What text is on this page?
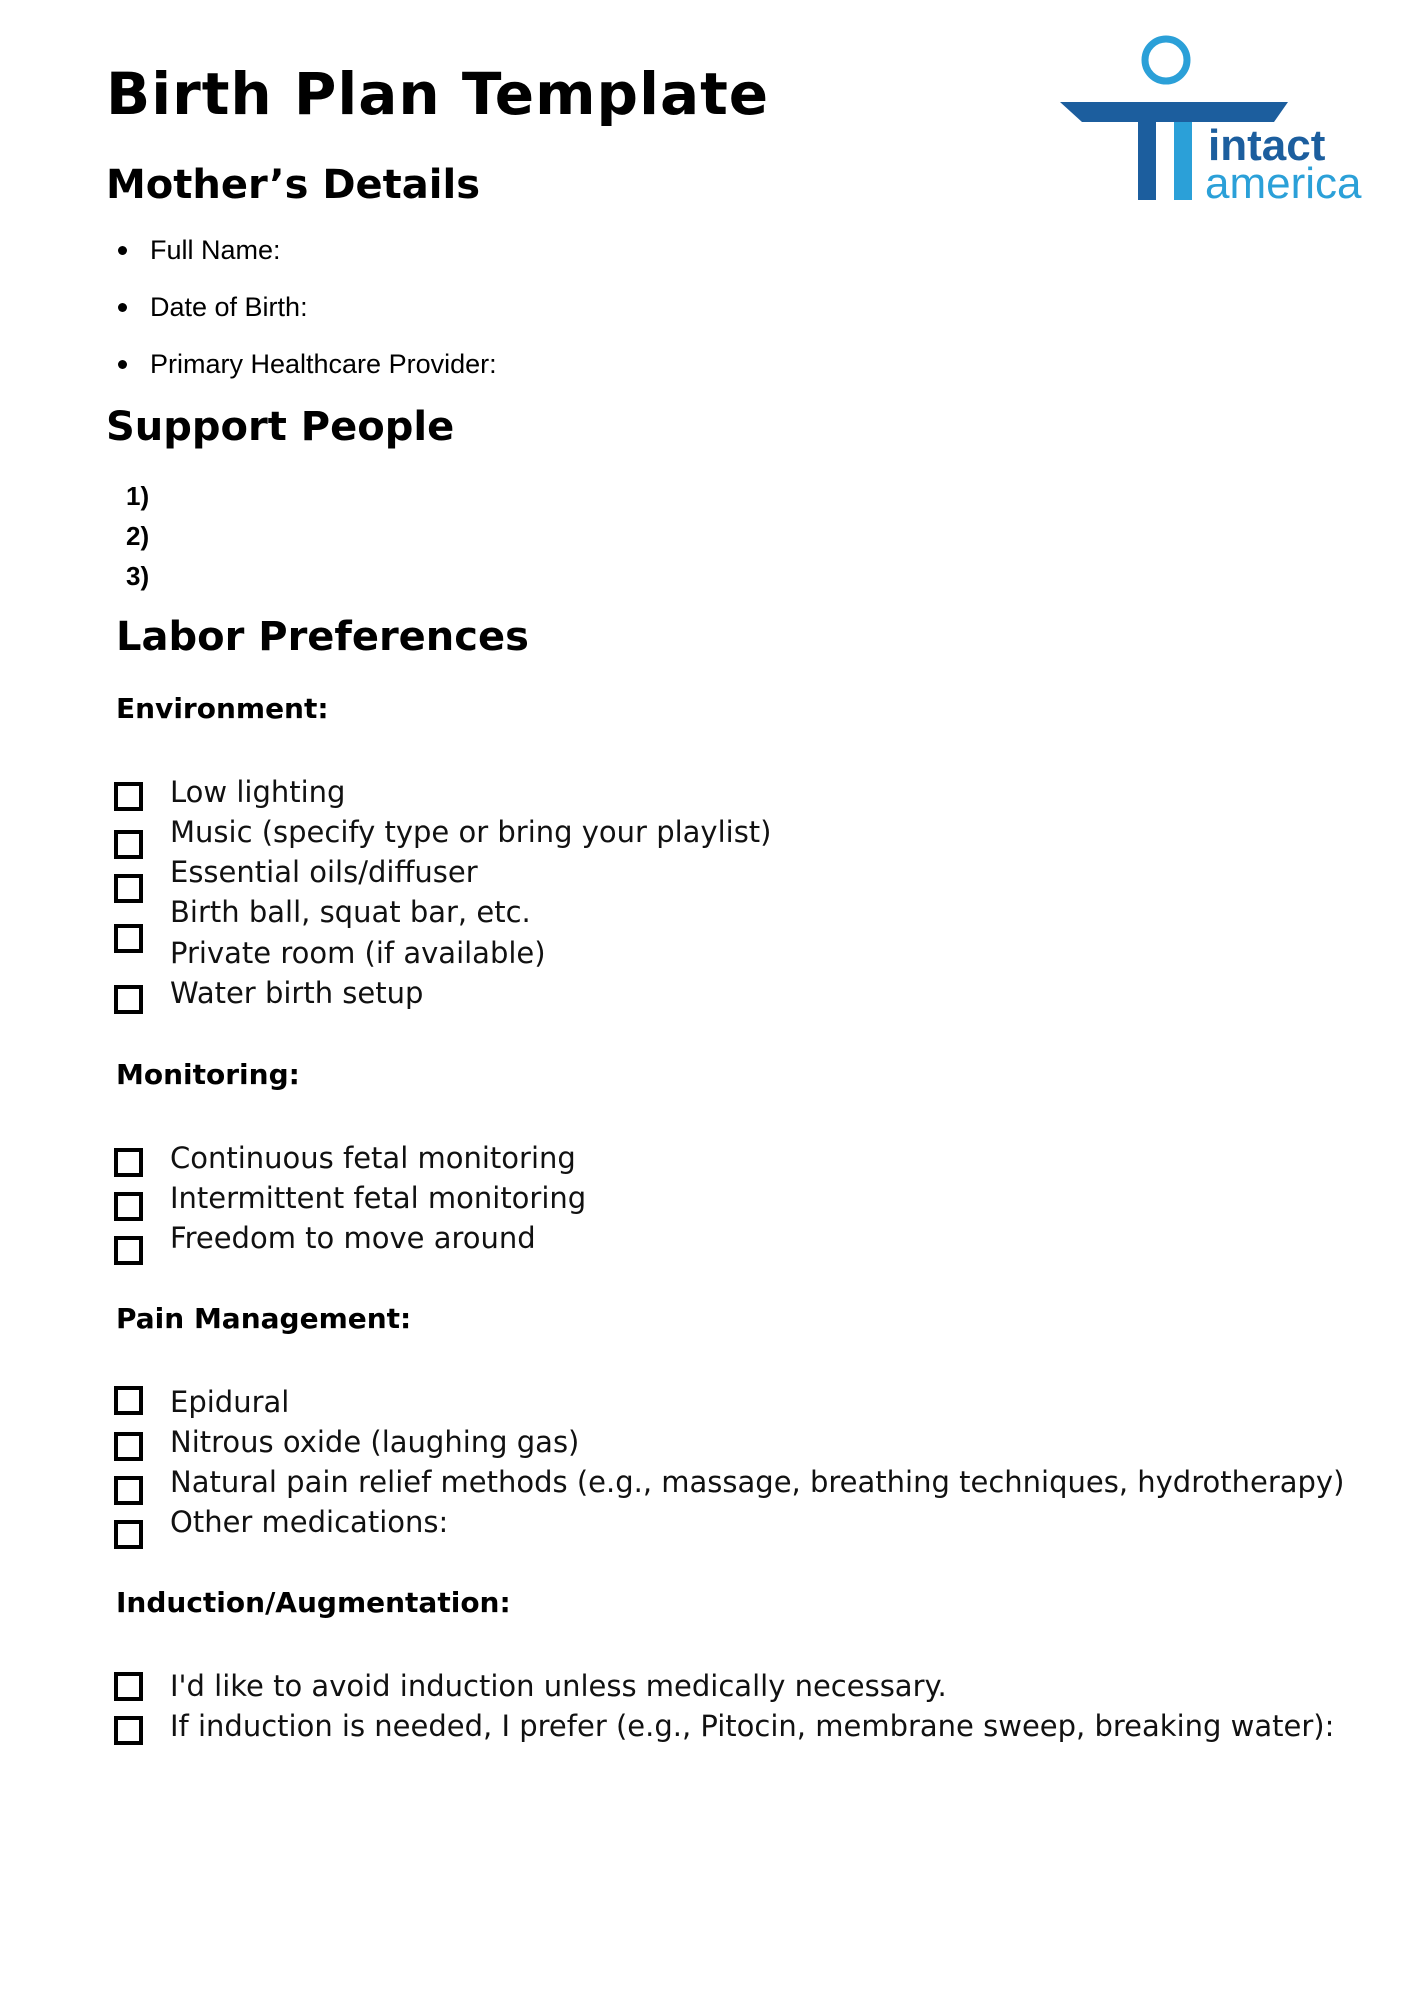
Birth Plan Template
intact
america
Mother’s Details
Full Name:
Date of Birth:
Primary Healthcare Provider:
Support People
1)
2)
3)
Labor Preferences
Environment:
Low lighting
Music (specify type or bring your playlist)
Essential oils/diffuser
Birth ball, squat bar, etc.
Private room (if available)
Water birth setup
Monitoring:
Continuous fetal monitoring
Intermittent fetal monitoring
Freedom to move around
Pain Management:
Epidural
Nitrous oxide (laughing gas)
Natural pain relief methods (e.g., massage, breathing techniques, hydrotherapy)
Other medications:
Induction/Augmentation:
I'd like to avoid induction unless medically necessary.
If induction is needed, I prefer (e.g., Pitocin, membrane sweep, breaking water):
